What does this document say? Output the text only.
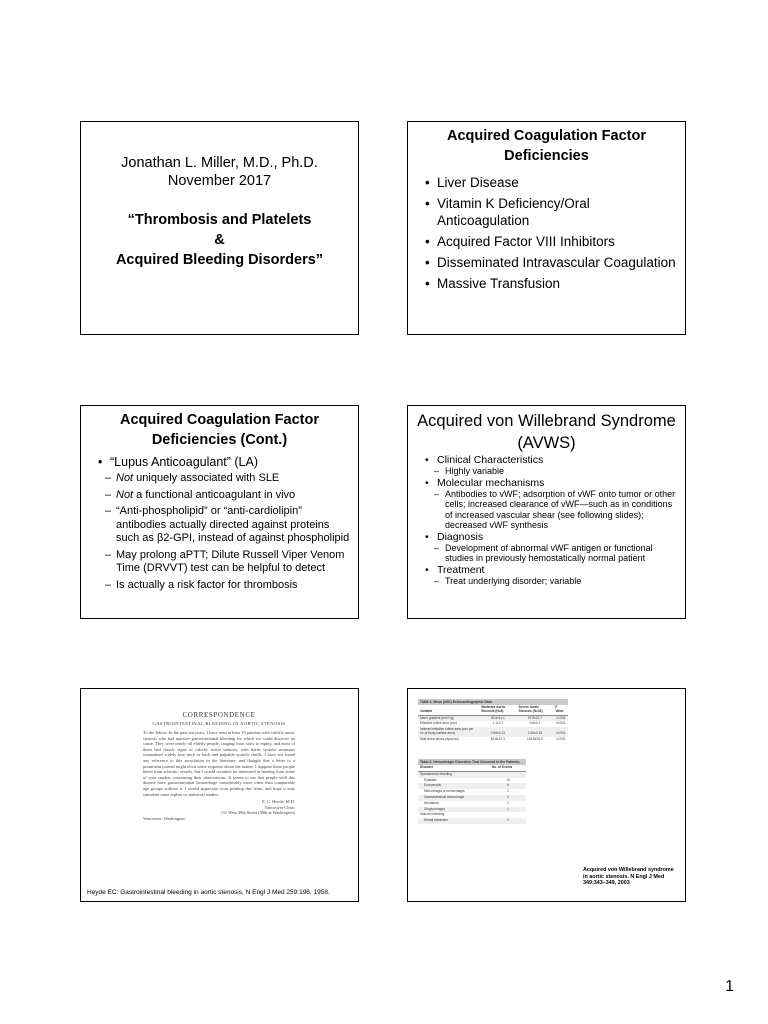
Jonathan L. Miller, M.D., Ph.D.
November 2017
“Thrombosis and Platelets
&
Acquired Bleeding Disorders”
Acquired Coagulation Factor Deficiencies
• Liver Disease
• Vitamin K Deficiency/Oral Anticoagulation
• Acquired Factor VIII Inhibitors
• Disseminated Intravascular Coagulation
• Massive Transfusion
Acquired Coagulation Factor Deficiencies (Cont.)
• “Lupus Anticoagulant” (LA)
– Not uniquely associated with SLE
– Not a functional anticoagulant in vivo
– “Anti-phospholipid” or “anti-cardiolipin” antibodies actually directed against proteins such as β2-GPI, instead of against phospholipid
– May prolong aPTT; Dilute Russell Viper Venom Time (DRVVT) test can be helpful to detect
– Is actually a risk factor for thrombosis
Acquired von Willebrand Syndrome (AVWS)
• Clinical Characteristics
– Highly variable
• Molecular mechanisms
– Antibodies to vWF; adsorption of vWF onto tumor or other cells; increased clearance of vWF—such as in conditions of increased vascular shear (see following slides); decreased vWF synthesis
• Diagnosis
– Development of abnormal vWF antigen or functional studies in previously hemostatically normal patient
• Treatment
– Treat underlying disorder; variable
CORRESPONDENCE
GASTROINTESTINAL BLEEDING IN AORTIC STENOSIS
To the Editor: In the past ten years, I have seen at least 10 patients with calcific aortic stenosis who had massive gastrointestinal bleeding for which we could discover no cause. They were nearly all elderly people, ranging from sixty to eighty, and most of them had classic signs of calcific aortic stenosis, with harsh systolic murmurs transmitted widely into neck or back and palpable systolic thrills. I have not found any reference to this association in the literature, and thought that a letter to a prominent journal might elicit some response about the matter. I suppose these people bleed from sclerotic vessels, but I would certainly be interested in hearing from some of your readers concerning their observations. It seems to me that people with this disease have gastrointestinal hemorrhage considerably more often than comparable age groups without it. I would appreciate your printing this letter, and hope it may stimulate some replies or statistical studies.
E. C. Heyde, M.D.
Vancouver Clinic
111 West 39th Street (39th at Washington)
Vancouver, Washington
Heyde EC: Gastrointestinal bleeding in aortic stenosis, N Engl J Med 259:196, 1958.
Table 1. Mean (±SD) Echocardiographic Data.
Variable	Moderate Aortic Stenosis (N=8)	Severe Aortic Stenosis (N=42)	P Value
Mean gradient (mm Hg)	30.6±11.1	57.5±22.7	<0.001
Effective orifice area (cm²)	1.1±0.1	0.6±0.1	<0.001
Indexed effective orifice area (cm² per m² of body-surface area)	0.58±0.13	0.30±0.15	<0.001
Wall shear stress (dyn/cm²)	69.8±12.3	118.8±25.9	<0.001
Table 2. Hemorrhagic Disorders That Occurred in the Patients.
Disorder	No. of Events
Spontaneous bleeding	
Epistaxis	10
Ecchymosis	6
Menorrhagia or metrorrhagia	1
Gastrointestinal hemorrhage	4
Hematuria	1
Gingivorrhagia	1
Induced bleeding	
Dental extraction	2
Acquired von Willebrand syndrome in aortic stenosis. N Engl J Med 349:343–349, 2003
1
